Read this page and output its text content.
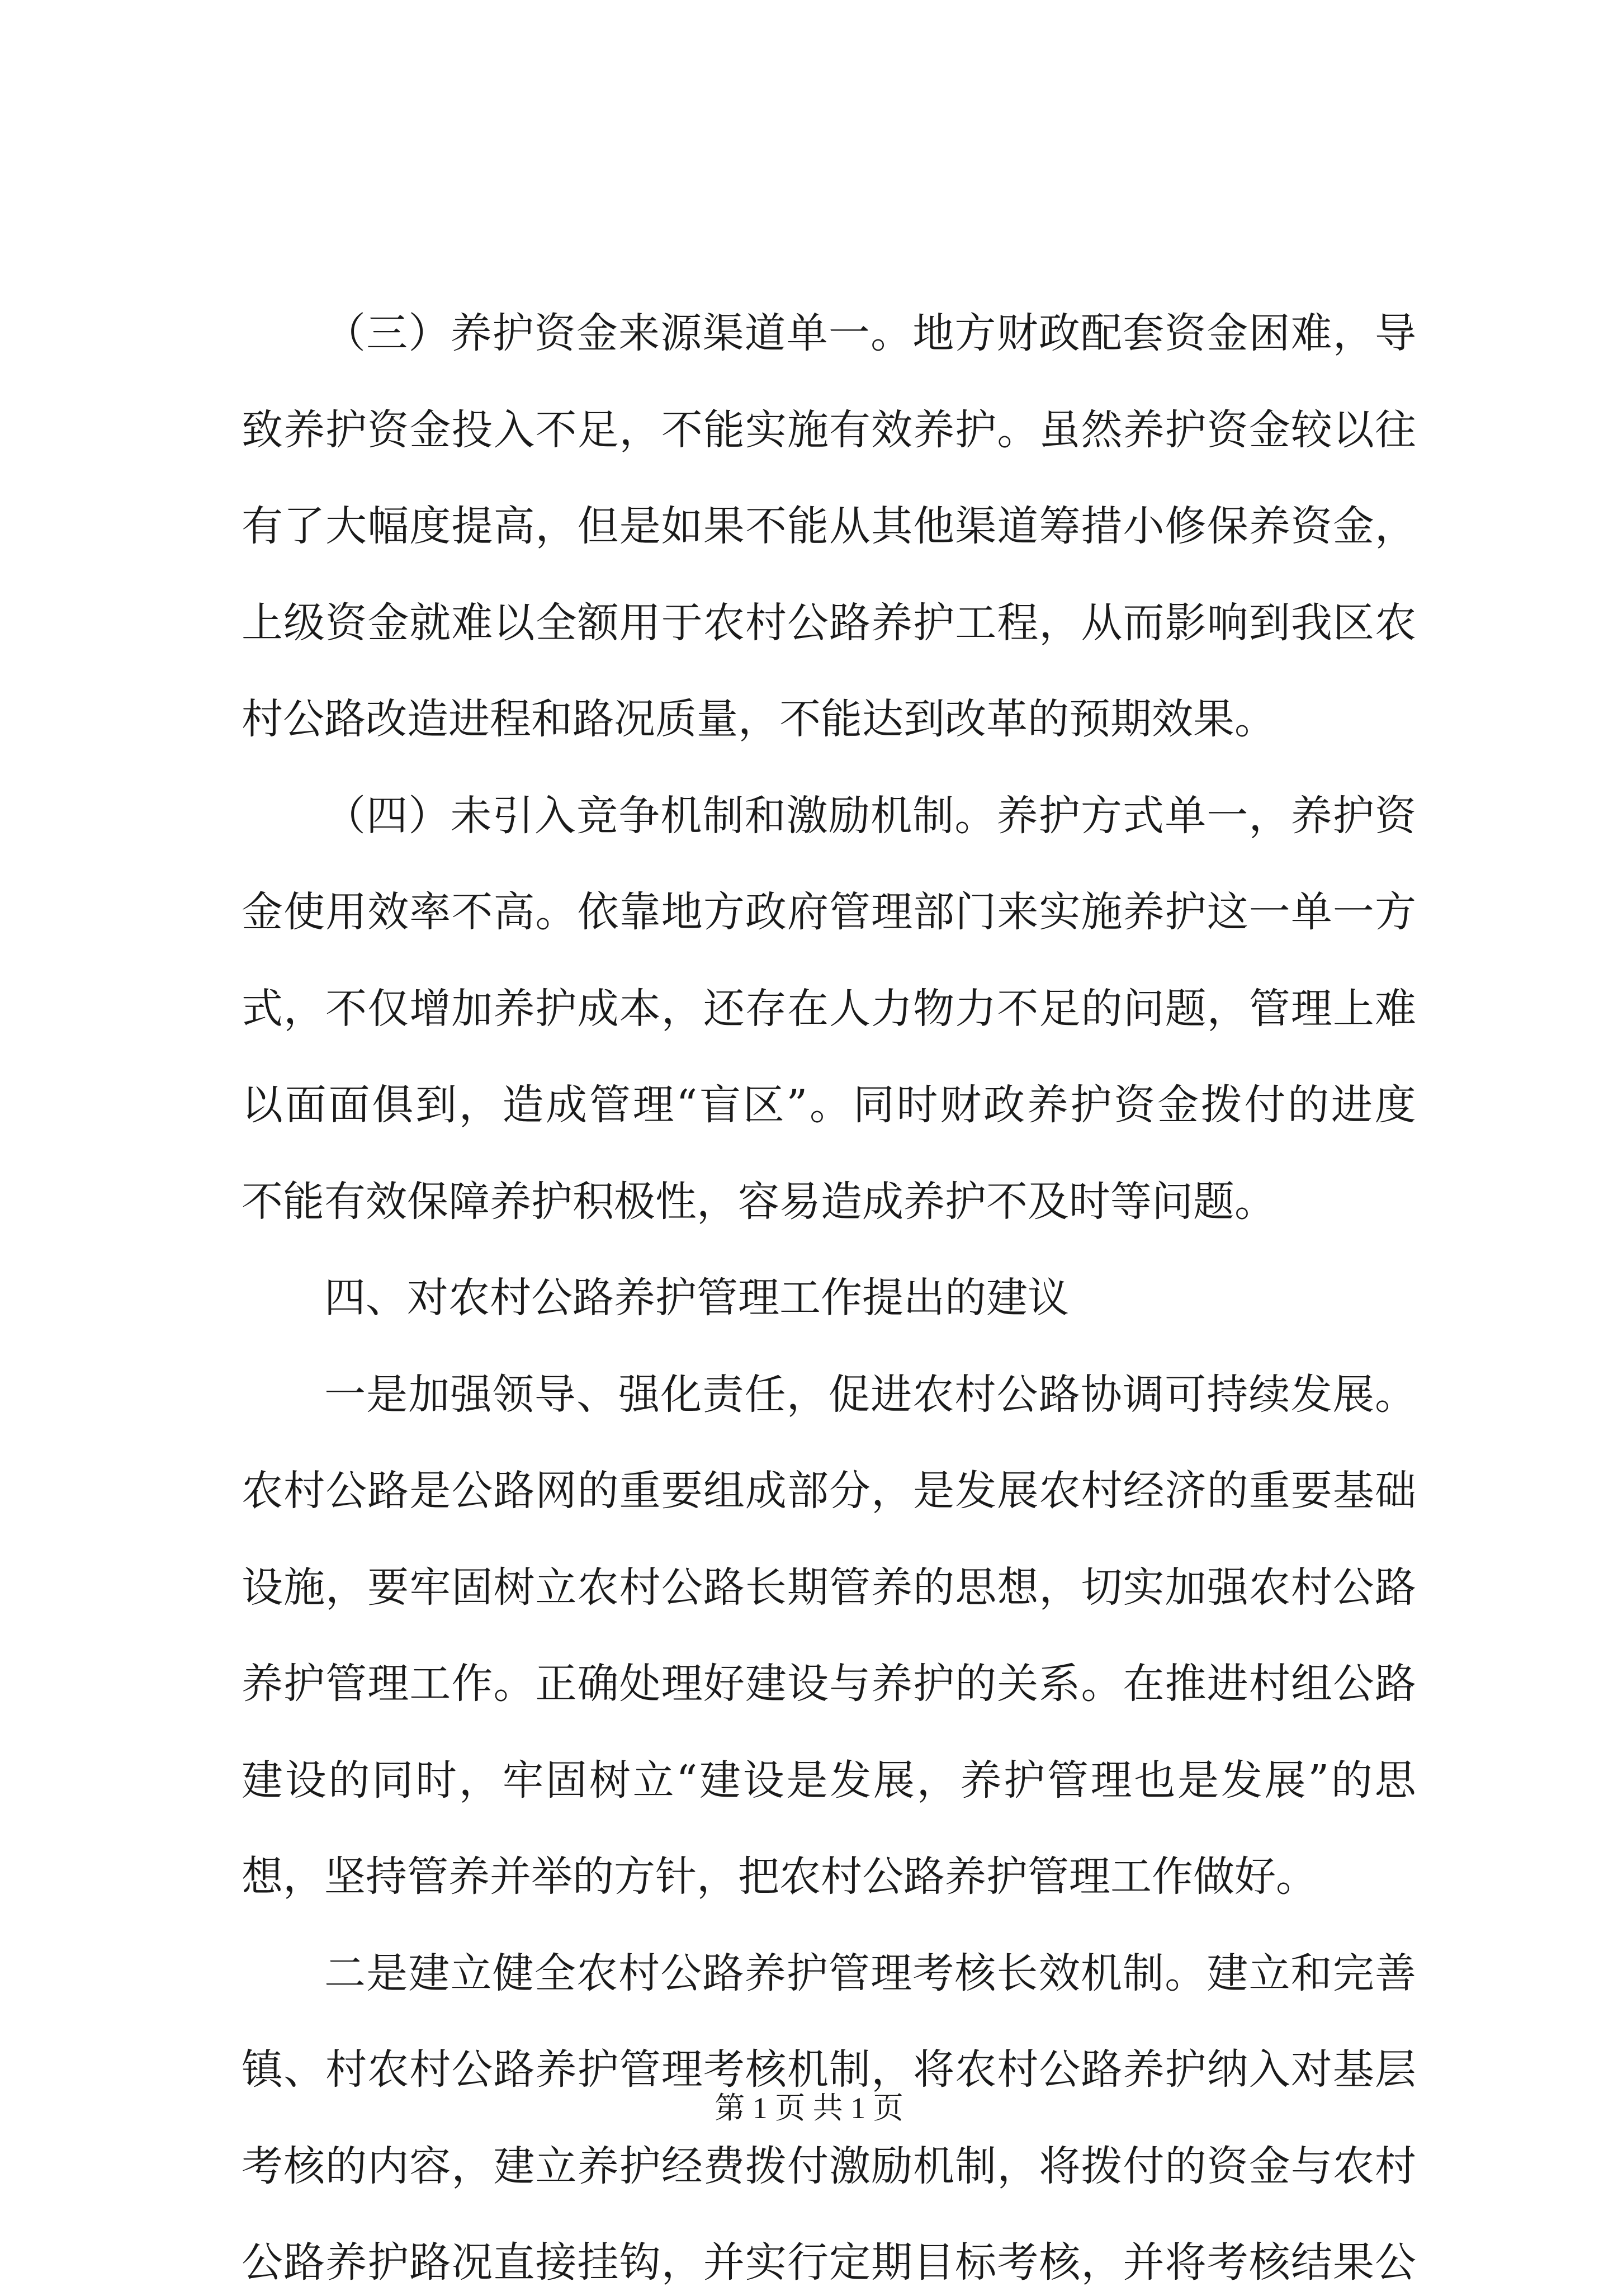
（三）养护资金来源渠道单一。地方财政配套资金困难，导
致养护资金投入不足，不能实施有效养护。虽然养护资金较以往
有了大幅度提高，但是如果不能从其他渠道筹措小修保养资金，
上级资金就难以全额用于农村公路养护工程，从而影响到我区农
村公路改造进程和路况质量，不能达到改革的预期效果。
（四）未引入竞争机制和激励机制。养护方式单一，养护资
金使用效率不高。依靠地方政府管理部门来实施养护这一单一方
式，不仅增加养护成本，还存在人力物力不足的问题，管理上难
以面面俱到，造成管理“盲区”。同时财政养护资金拨付的进度
不能有效保障养护积极性，容易造成养护不及时等问题。
四、对农村公路养护管理工作提出的建议
一是加强领导、强化责任，促进农村公路协调可持续发展。
农村公路是公路网的重要组成部分，是发展农村经济的重要基础
设施，要牢固树立农村公路长期管养的思想，切实加强农村公路
养护管理工作。正确处理好建设与养护的关系。在推进村组公路
建设的同时，牢固树立“建设是发展，养护管理也是发展”的思
想，坚持管养并举的方针，把农村公路养护管理工作做好。
二是建立健全农村公路养护管理考核长效机制。建立和完善
镇、村农村公路养护管理考核机制，将农村公路养护纳入对基层
考核的内容，建立养护经费拨付激励机制，将拨付的资金与农村
公路养护路况直接挂钩，并实行定期目标考核，并将考核结果公
第 1 页 共 1 页
